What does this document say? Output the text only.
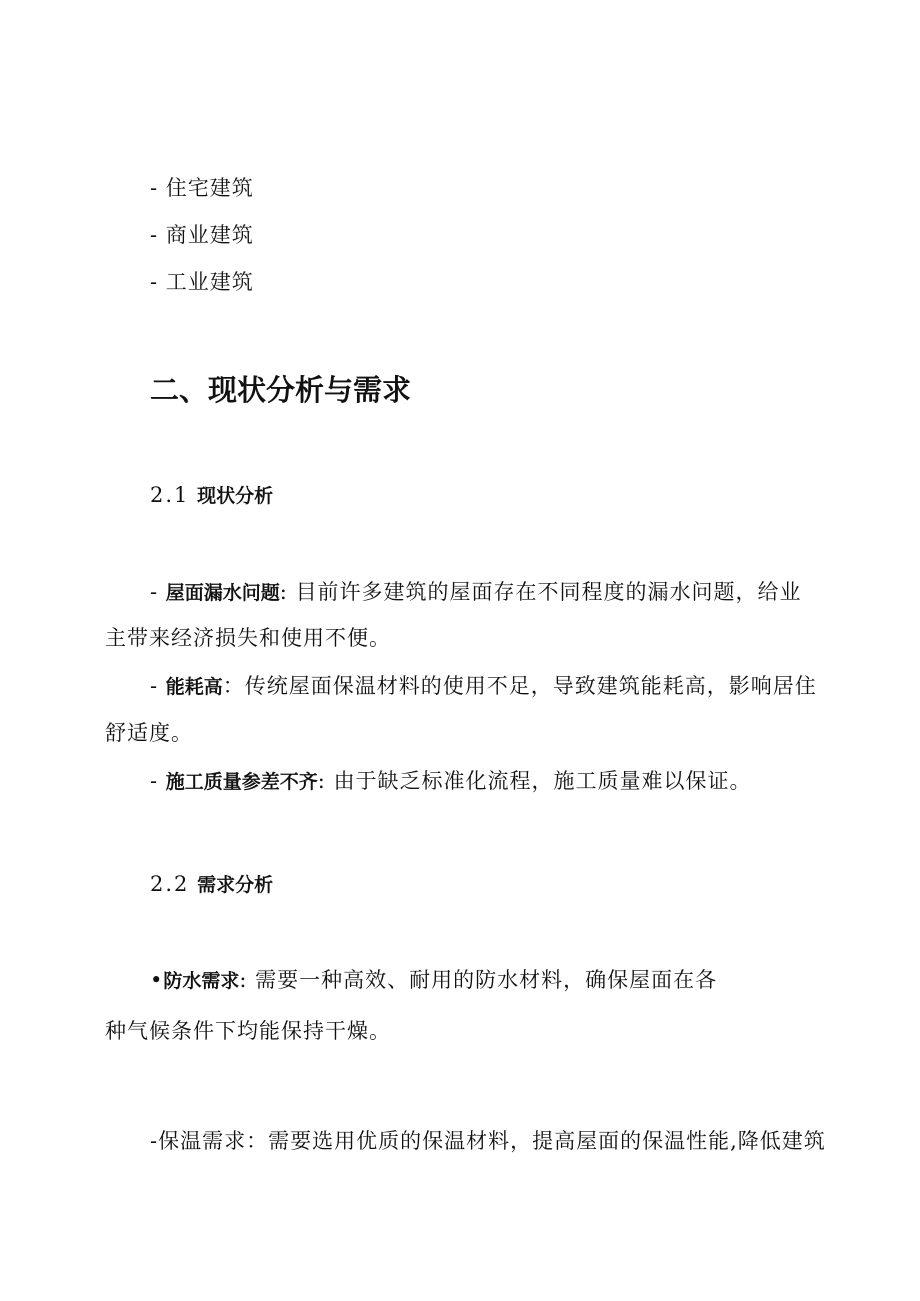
- 住宅建筑
- 商业建筑
- 工业建筑
二、现状分析与需求
2.1 现状分析
- 屋面漏水问题: 目前许多建筑的屋面存在不同程度的漏水问题，给业
主带来经济损失和使用不便。
- 能耗高：传统屋面保温材料的使用不足，导致建筑能耗高，影响居住
舒适度。
- 施工质量参差不齐: 由于缺乏标准化流程，施工质量难以保证。
2.2 需求分析
•防水需求: 需要一种高效、耐用的防水材料，确保屋面在各
种气候条件下均能保持干燥。
-保温需求：需要选用优质的保温材料，提高屋面的保温性能,降低建筑
